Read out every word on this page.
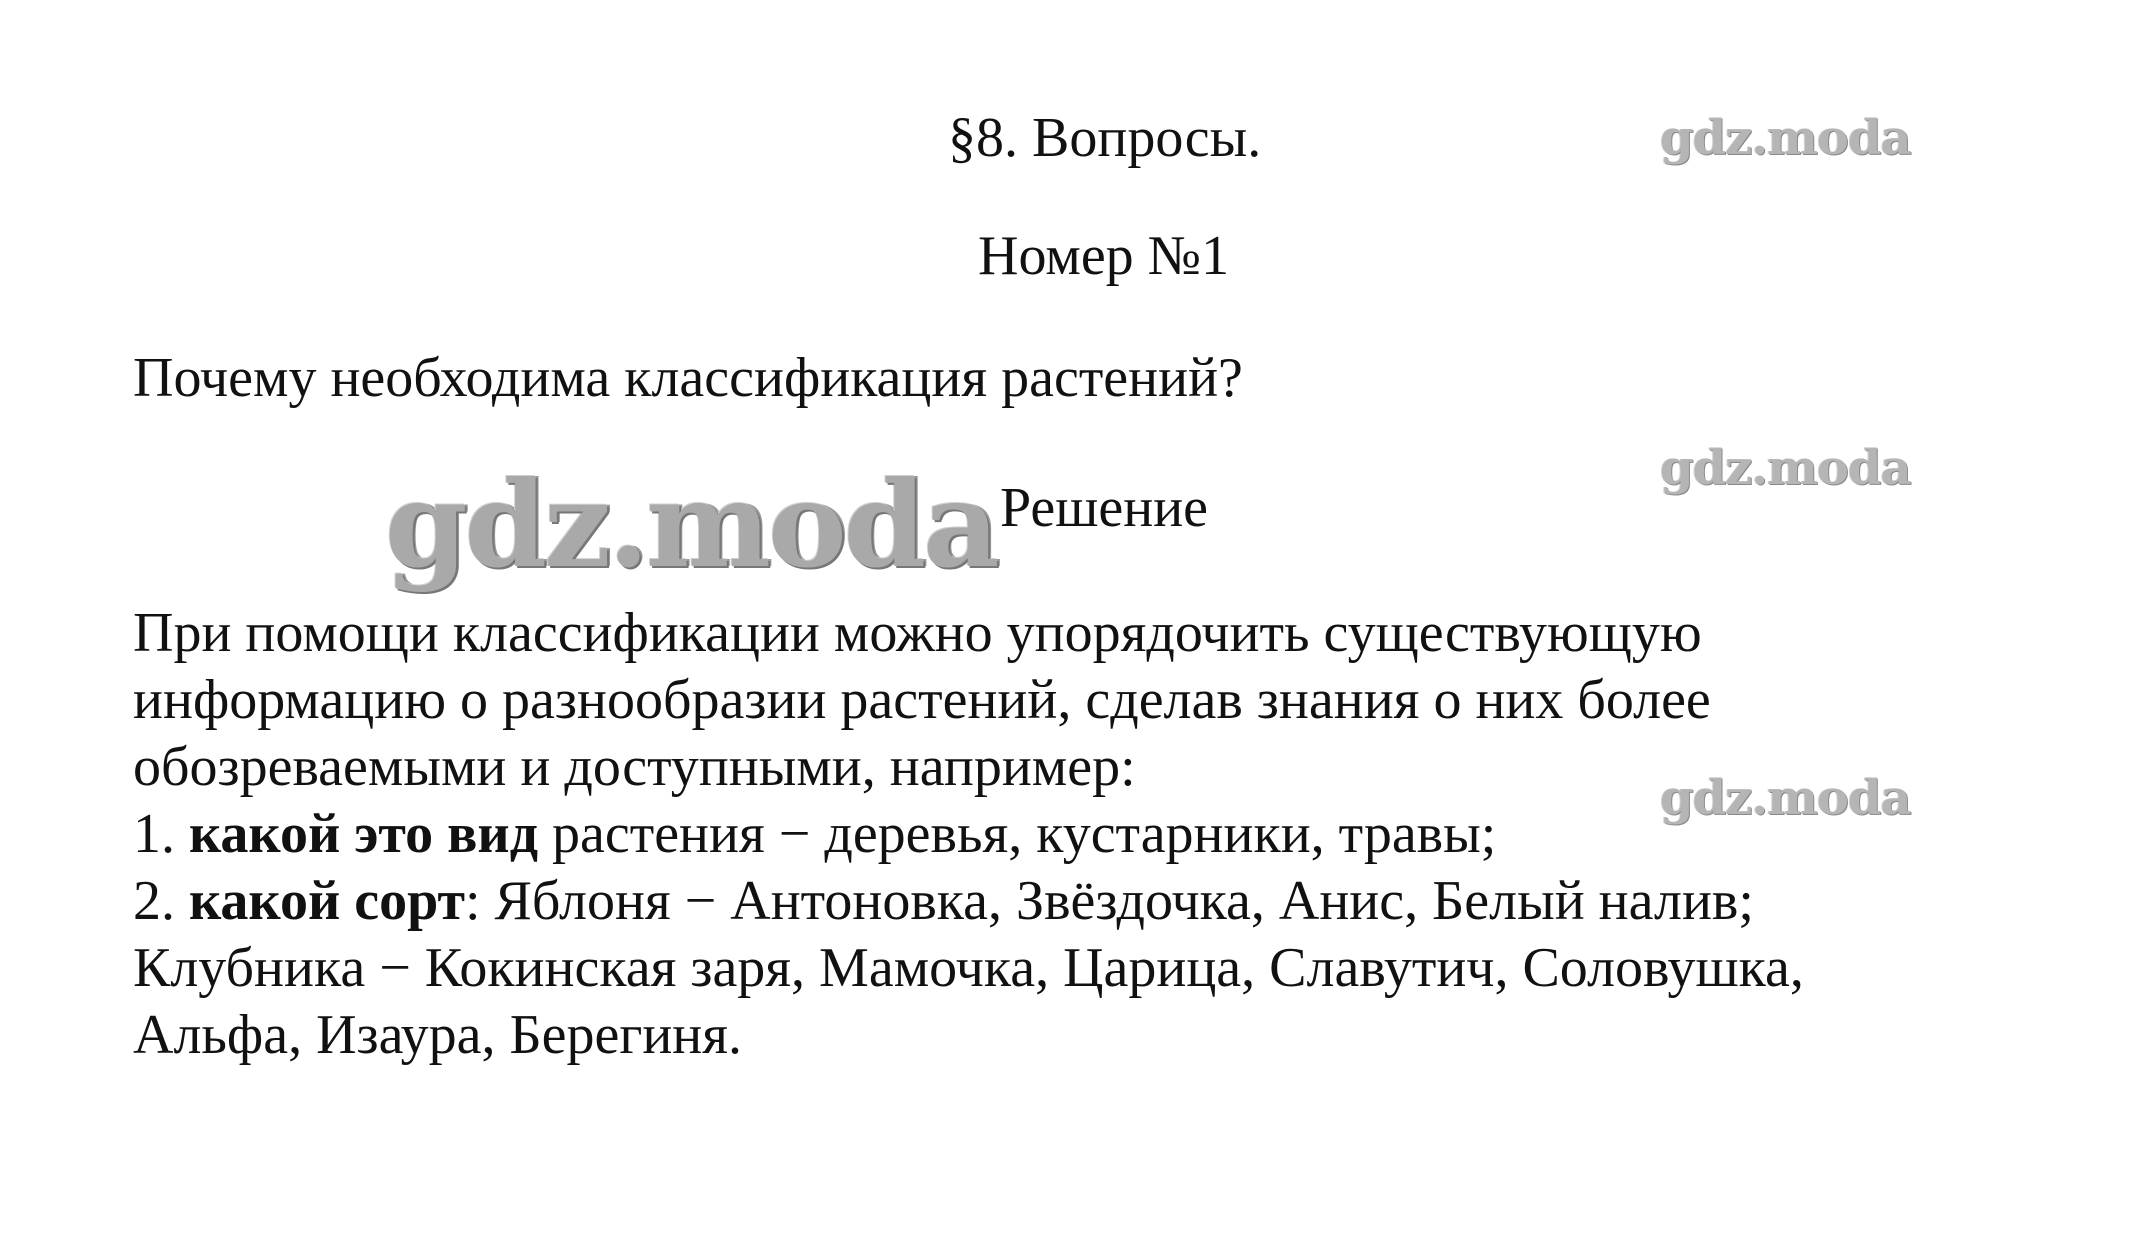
§8. Вопросы.
Номер №1
Почему необходима классификация растений?
gdz.moda Решение

При помощи классификации можно упорядочить существующую

информацию о разнообразии растений, сделав знания о них более

обозреваемыми и доступными, например:

1. какой это вид растения − деревья, кустарники, травы;

2. какой сорт: Яблоня − Антоновка, Звёздочка, Анис, Белый налив;

Клубника − Кокинская заря, Мамочка, Царица, Славутич, Соловушка,

Альфа, Изаура, Берегиня.

gdz.moda
gdz.moda
gdz.moda
